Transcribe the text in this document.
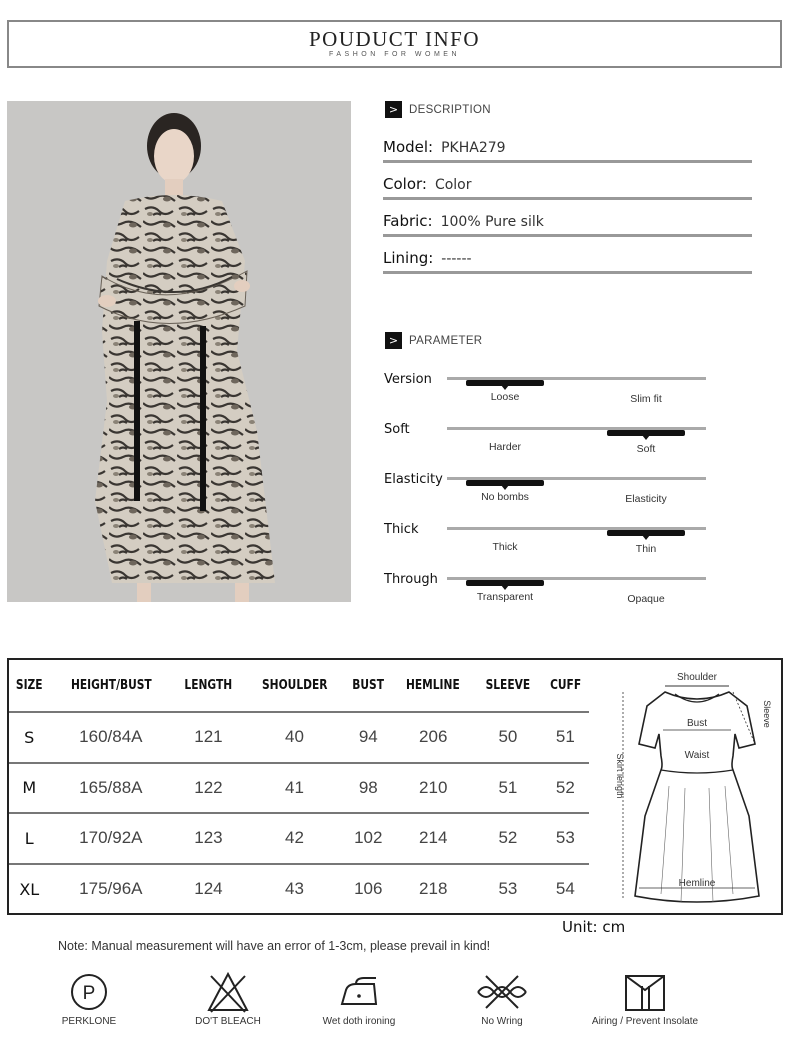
POUDUCT INFO
FASHON FOR WOMEN
> DESCRIPTION
Model: PKHA279
Color: Color
Fabric: 100% Pure silk
Lining: ------
> PARAMETER
Version
Loose	Slim fit
Soft
Harder	Soft
Elasticity
No bombs	Elasticity
Thick
Thick	Thin
Through
Transparent	Opaque
SIZE	HEIGHT/BUST	LENGTH	SHOULDER	BUST	HEMLINE	SLEEVE	CUFF
S	160/84A	121	40	94	206	50	51
M	165/88A	122	41	98	210	51	52
L	170/92A	123	42	102	214	52	53
XL	175/96A	124	43	106	218	53	54
Shoulder
Sleeve
Bust
Waist
Skirt length
Hemline
Unit: cm
Note: Manual measurement will have an error of 1-3cm, please prevail in kind!
P
PERKLONE	DO'T BLEACH	Wet doth ironing	No Wring	Airing / Prevent Insolate
